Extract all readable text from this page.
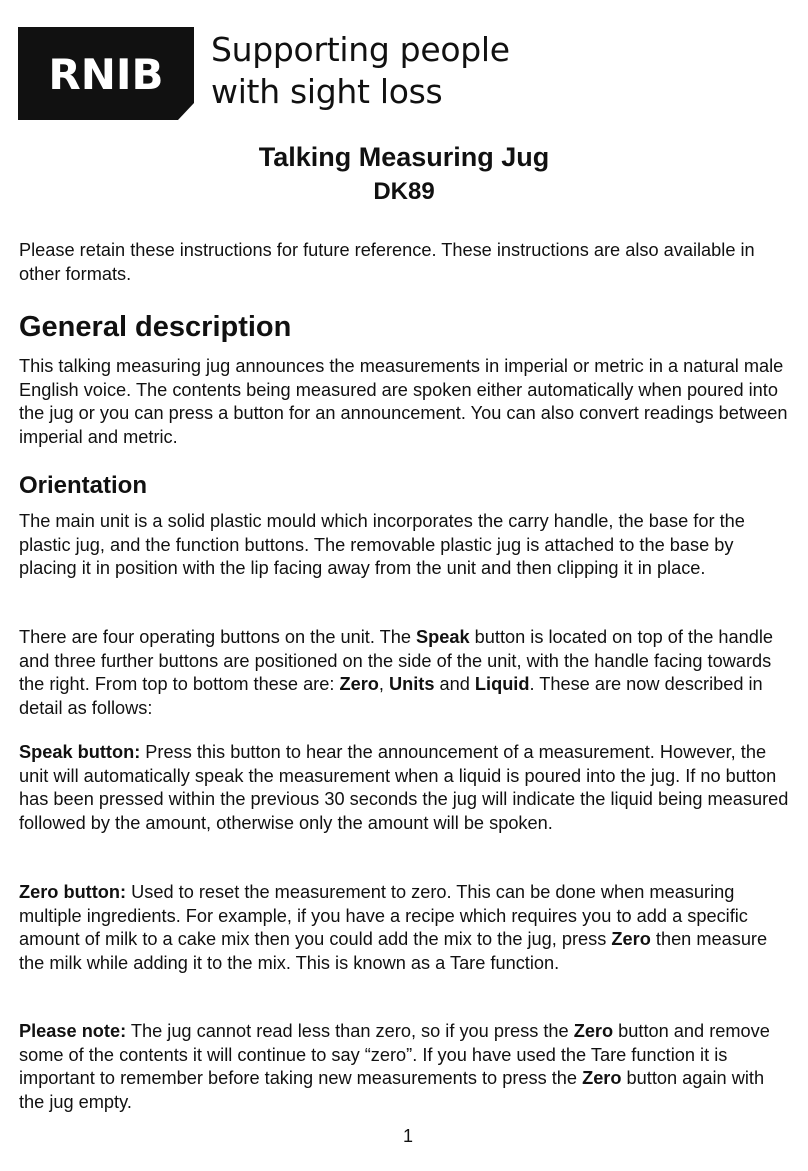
RNIB
Supporting people
with sight loss
Talking Measuring Jug
DK89

Please retain these instructions for future reference. These instructions are also available in other formats.

General description

This talking measuring jug announces the measurements in imperial or metric in a natural male English voice. The contents being measured are spoken either automatically when poured into the jug or you can press a button for an announcement. You can also convert readings between imperial and metric.

Orientation

The main unit is a solid plastic mould which incorporates the carry handle, the base for the plastic jug, and the function buttons. The removable plastic jug is attached to the base by placing it in position with the lip facing away from the unit and then clipping it in place.

There are four operating buttons on the unit. The Speak button is located on top of the handle and three further buttons are positioned on the side of the unit, with the handle facing towards the right. From top to bottom these are: Zero, Units and Liquid. These are now described in detail as follows:

Speak button: Press this button to hear the announcement of a measurement. However, the unit will automatically speak the measurement when a liquid is poured into the jug. If no button has been pressed within the previous 30 seconds the jug will indicate the liquid being measured followed by the amount, otherwise only the amount will be spoken.

Zero button: Used to reset the measurement to zero. This can be done when measuring multiple ingredients. For example, if you have a recipe which requires you to add a specific amount of milk to a cake mix then you could add the mix to the jug, press Zero then measure the milk while adding it to the mix. This is known as a Tare function.

Please note: The jug cannot read less than zero, so if you press the Zero button and remove some of the contents it will continue to say “zero”. If you have used the Tare function it is important to remember before taking new measurements to press the Zero button again with the jug empty.

1
